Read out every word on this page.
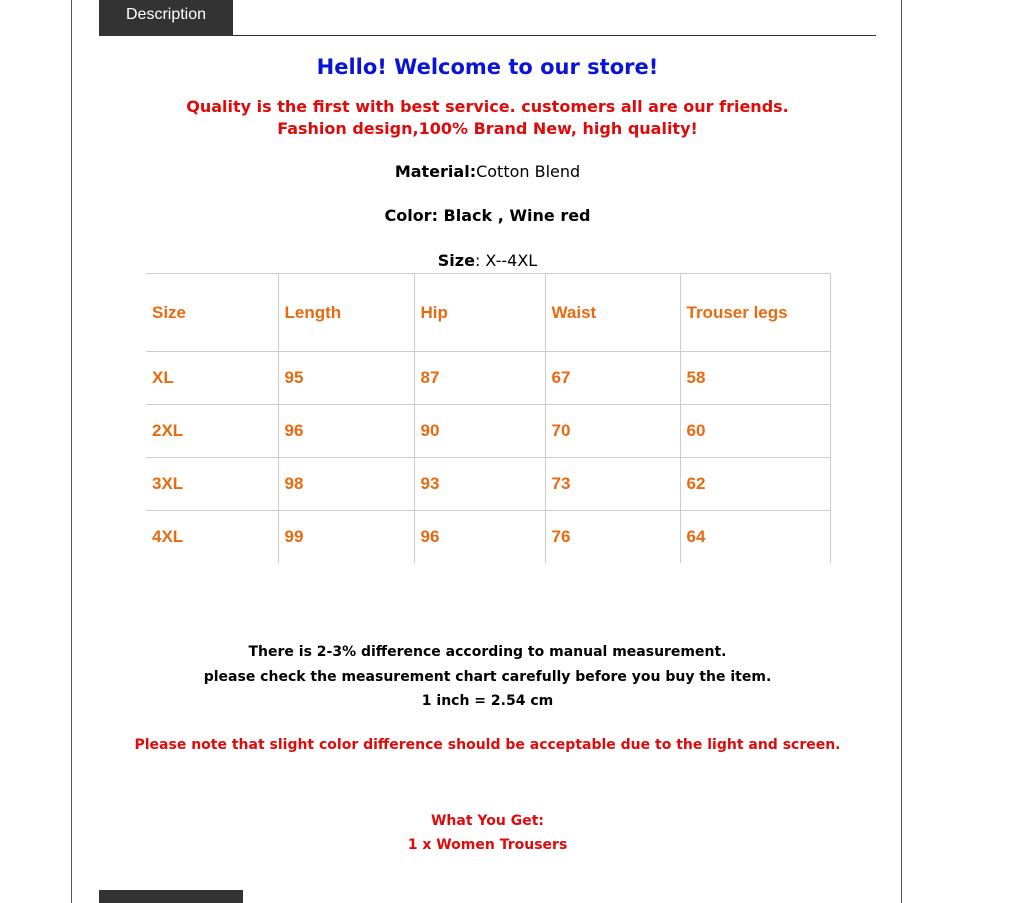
Description
Hello! Welcome to our store!
Quality is the first with best service. customers all are our friends.
Fashion design,100% Brand New, high quality!
Material:Cotton Blend
Color: Black , Wine red
Size: X--4XL
Size	Length	Hip	Waist	Trouser legs
XL	95	87	67	58
2XL	96	90	70	60
3XL	98	93	73	62
4XL	99	96	76	64
There is 2-3% difference according to manual measurement.
please check the measurement chart carefully before you buy the item.
1 inch = 2.54 cm
Please note that slight color difference should be acceptable due to the light and screen.
What You Get:
1 x Women Trousers
